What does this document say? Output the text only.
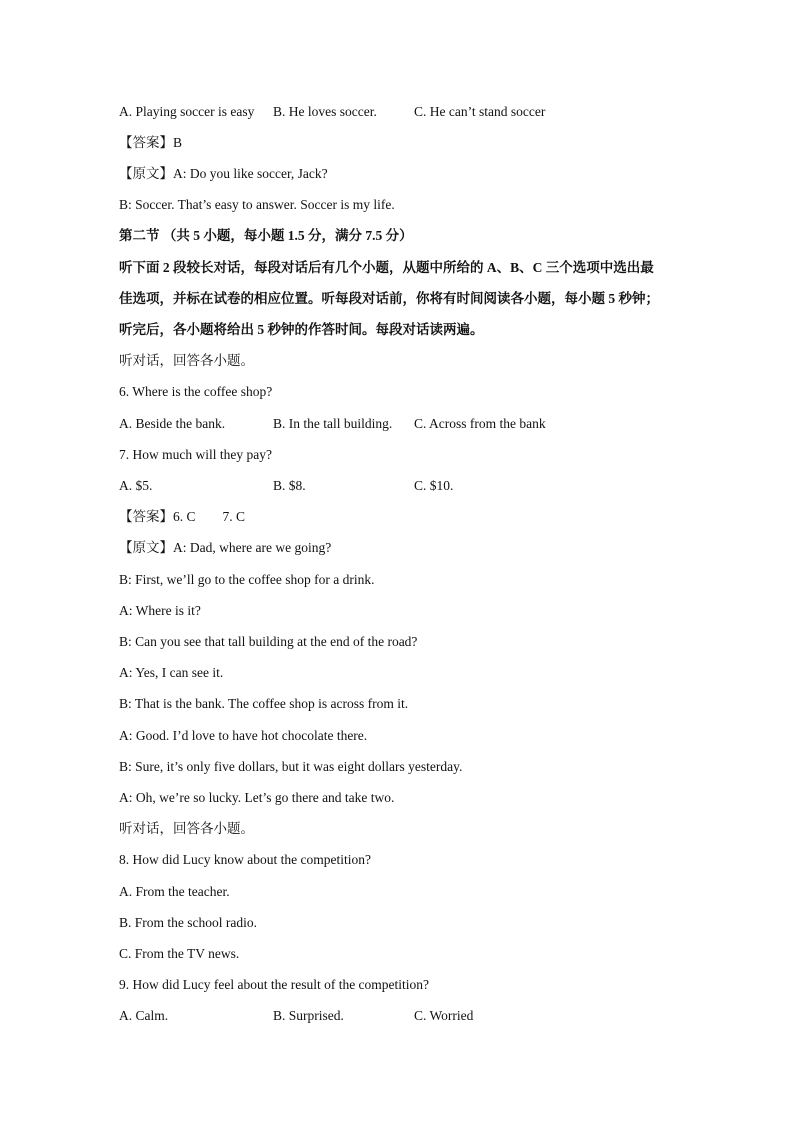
A. Playing soccer is easy B. He loves soccer.	C. He can’t stand soccer
【答案】B
【原文】A: Do you like soccer, Jack?
B: Soccer. That’s easy to answer. Soccer is my life.
第二节 （共 5 小题，每小题 1.5 分，满分 7.5 分）
听下面 2 段较长对话，每段对话后有几个小题，从题中所给的 A、B、C 三个选项中选出最
佳选项，并标在试卷的相应位置。听每段对话前，你将有时间阅读各小题，每小题 5 秒钟；
听完后，各小题将给出 5 秒钟的作答时间。每段对话读两遍。
听对话，回答各小题。
6. Where is the coffee shop?
A. Beside the bank.	B. In the tall building. C. Across from the bank
7. How much will they pay?
A. $5.	B. $8.	C. $10.
【答案】6. C        7. C
【原文】A: Dad, where are we going?
B: First, we’ll go to the coffee shop for a drink.
A: Where is it?
B: Can you see that tall building at the end of the road?
A: Yes, I can see it.
B: That is the bank. The coffee shop is across from it.
A: Good. I’d love to have hot chocolate there.
B: Sure, it’s only five dollars, but it was eight dollars yesterday.
A: Oh, we’re so lucky. Let’s go there and take two.
听对话，回答各小题。
8. How did Lucy know about the competition?
A. From the teacher.
B. From the school radio.
C. From the TV news.
9. How did Lucy feel about the result of the competition?
A. Calm.	B. Surprised.	C. Worried
